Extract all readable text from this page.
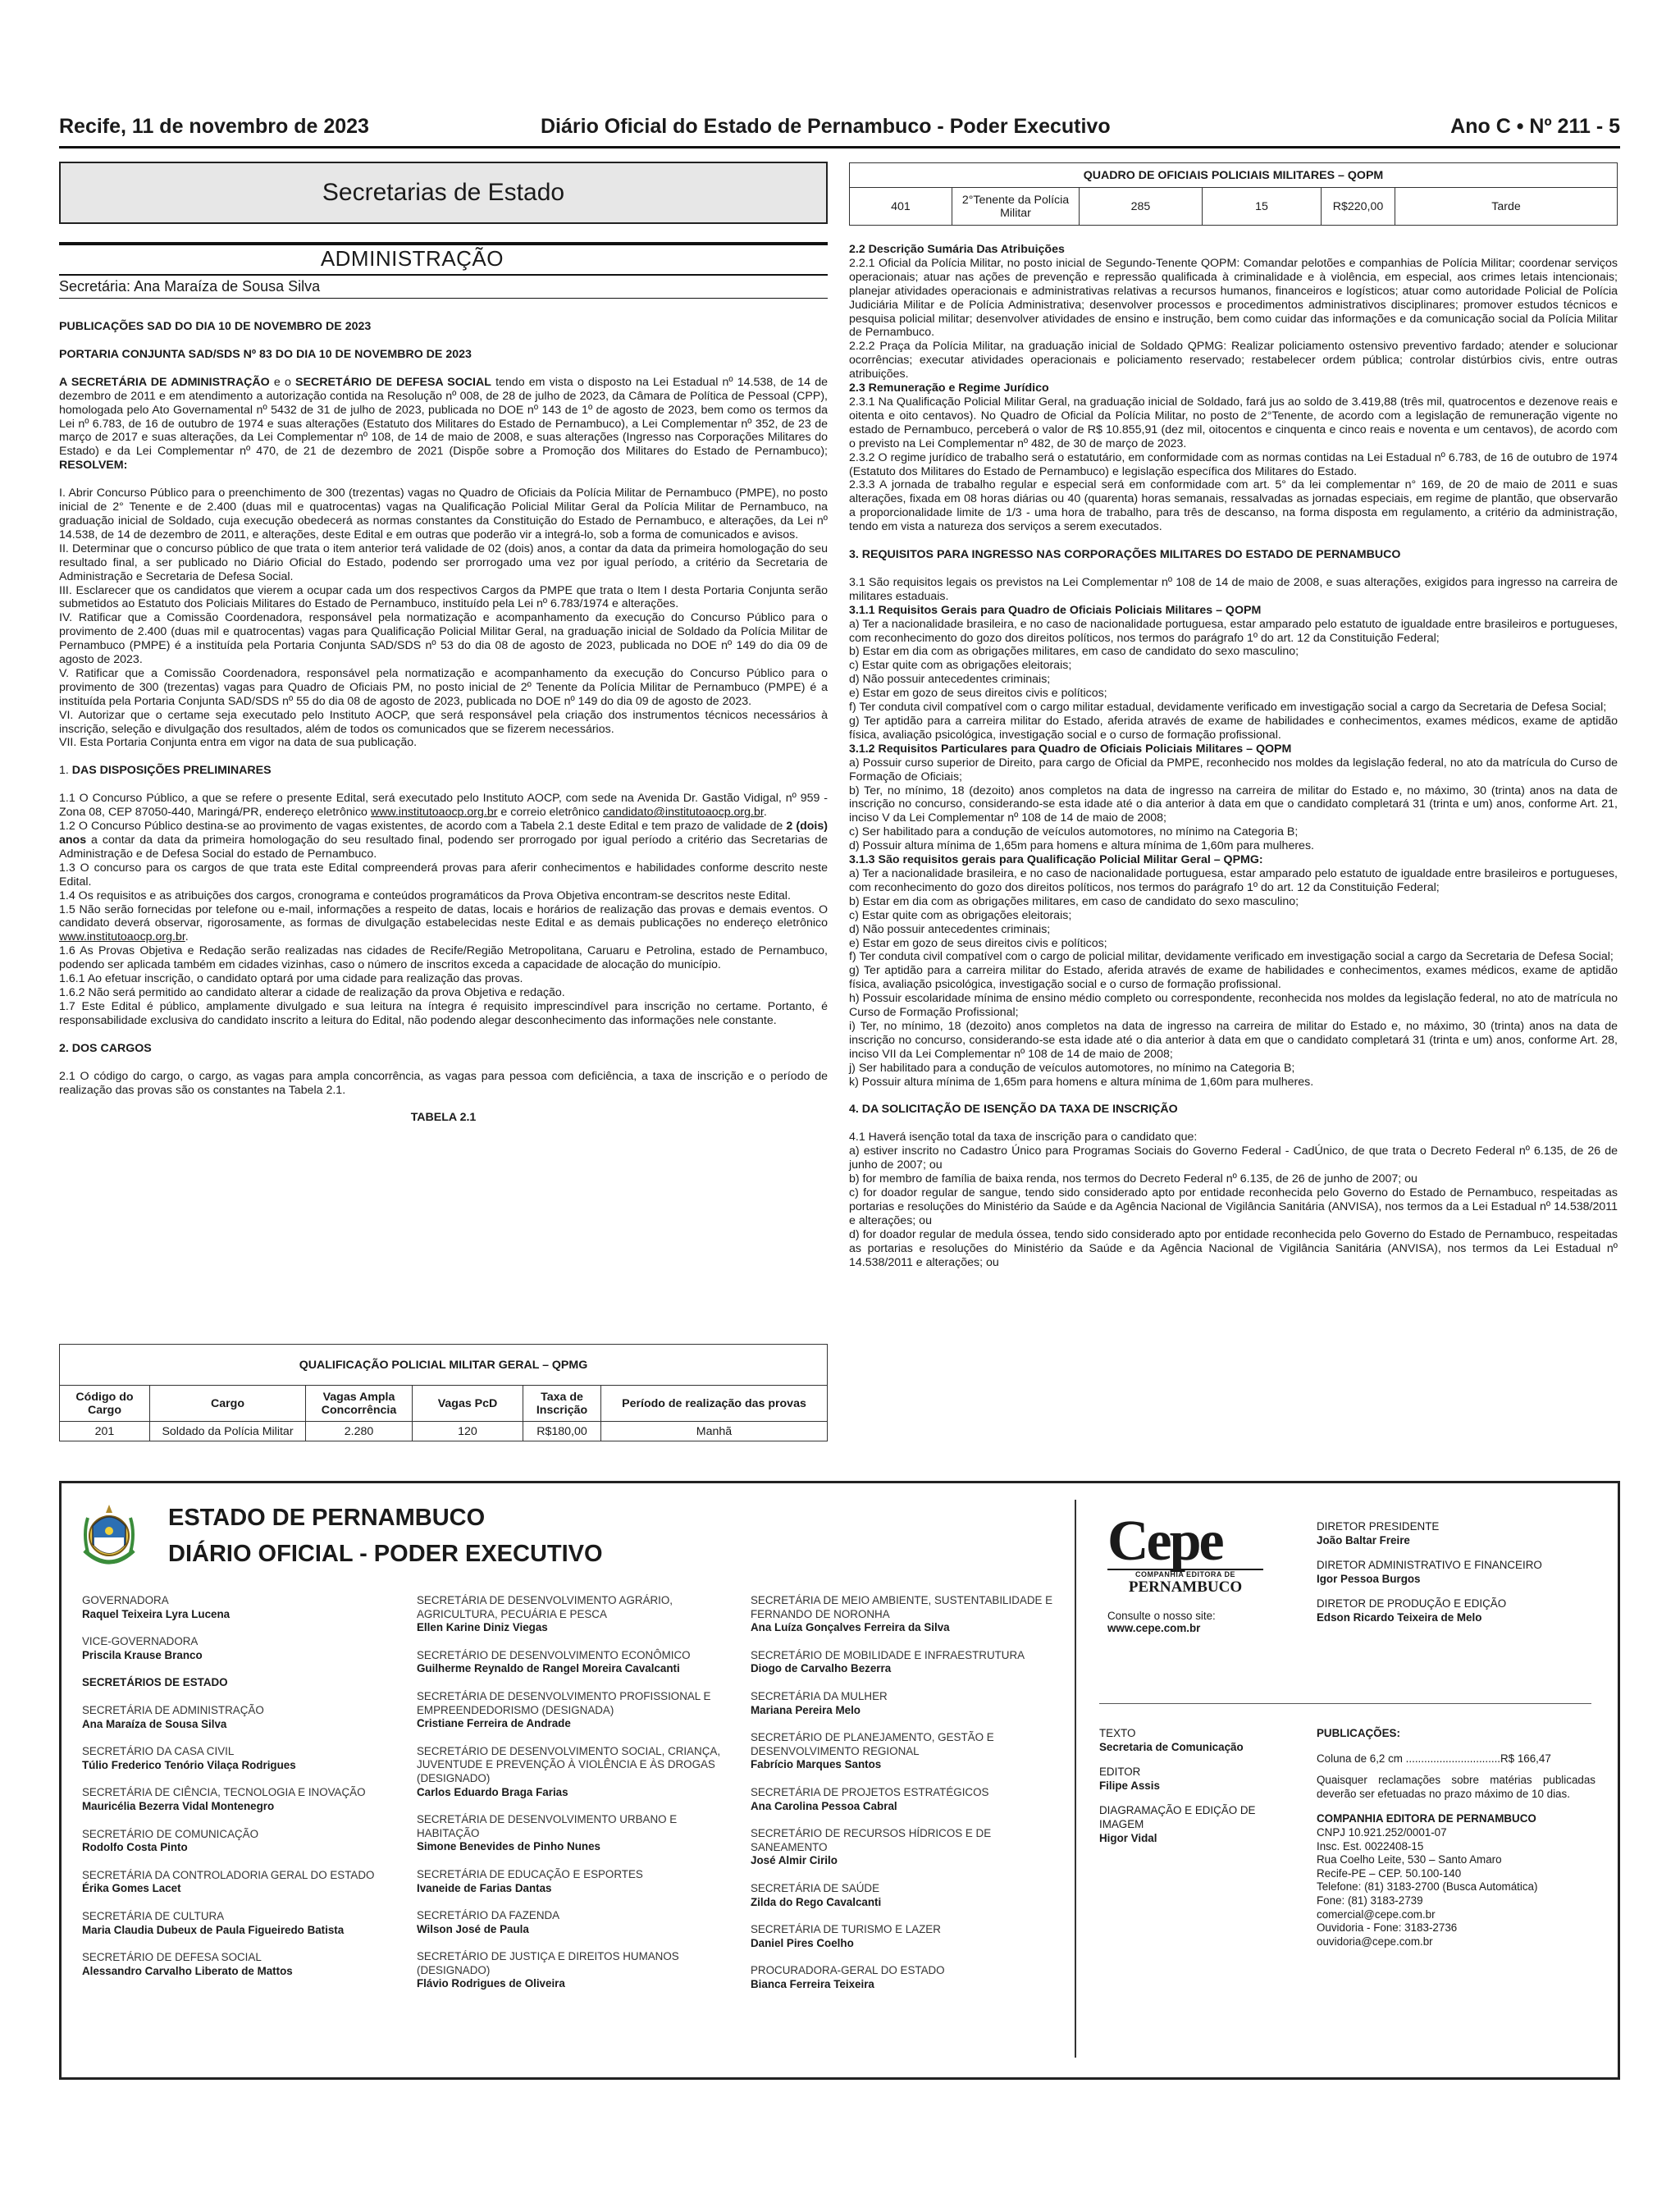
Recife, 11 de novembro de 2023	Diário Oficial do Estado de Pernambuco - Poder Executivo	Ano C • Nº 211 - 5
Secretarias de Estado
ADMINISTRAÇÃO
Secretária: Ana Maraíza de Sousa Silva

PUBLICAÇÕES SAD DO DIA 10 DE NOVEMBRO DE 2023

PORTARIA CONJUNTA SAD/SDS Nº 83 DO DIA 10 DE NOVEMBRO DE 2023

A SECRETÁRIA DE ADMINISTRAÇÃO e o SECRETÁRIO DE DEFESA SOCIAL tendo em vista o disposto na Lei Estadual nº 14.538, de 14 de dezembro de 2011 e em atendimento a autorização contida na Resolução nº 008, de 28 de julho de 2023, da Câmara de Política de Pessoal (CPP), homologada pelo Ato Governamental nº 5432 de 31 de julho de 2023, publicada no DOE nº 143 de 1º de agosto de 2023, bem como os termos da Lei nº 6.783, de 16 de outubro de 1974 e suas alterações (Estatuto dos Militares do Estado de Pernambuco), a Lei Complementar nº 352, de 23 de março de 2017 e suas alterações, da Lei Complementar nº 108, de 14 de maio de 2008, e suas alterações (Ingresso nas Corporações Militares do Estado) e da Lei Complementar nº 470, de 21 de dezembro de 2021 (Dispõe sobre a Promoção dos Militares do Estado de Pernambuco); RESOLVEM:

I. Abrir Concurso Público para o preenchimento de 300 (trezentas) vagas no Quadro de Oficiais da Polícia Militar de Pernambuco (PMPE), no posto inicial de 2° Tenente e de 2.400 (duas mil e quatrocentas) vagas na Qualificação Policial Militar Geral da Polícia Militar de Pernambuco, na graduação inicial de Soldado, cuja execução obedecerá as normas constantes da Constituição do Estado de Pernambuco, e alterações, da Lei nº 14.538, de 14 de dezembro de 2011, e alterações, deste Edital e em outras que poderão vir a integrá-lo, sob a forma de comunicados e avisos.

II. Determinar que o concurso público de que trata o item anterior terá validade de 02 (dois) anos, a contar da data da primeira homologação do seu resultado final, a ser publicado no Diário Oficial do Estado, podendo ser prorrogado uma vez por igual período, a critério da Secretaria de Administração e Secretaria de Defesa Social.

III. Esclarecer que os candidatos que vierem a ocupar cada um dos respectivos Cargos da PMPE que trata o Item I desta Portaria Conjunta serão submetidos ao Estatuto dos Policiais Militares do Estado de Pernambuco, instituído pela Lei nº 6.783/1974 e alterações.

IV. Ratificar que a Comissão Coordenadora, responsável pela normatização e acompanhamento da execução do Concurso Público para o provimento de 2.400 (duas mil e quatrocentas) vagas para Qualificação Policial Militar Geral, na graduação inicial de Soldado da Polícia Militar de Pernambuco (PMPE) é a instituída pela Portaria Conjunta SAD/SDS nº 53 do dia 08 de agosto de 2023, publicada no DOE nº 149 do dia 09 de agosto de 2023.

V. Ratificar que a Comissão Coordenadora, responsável pela normatização e acompanhamento da execução do Concurso Público para o provimento de 300 (trezentas) vagas para Quadro de Oficiais PM, no posto inicial de 2º Tenente da Polícia Militar de Pernambuco (PMPE) é a instituída pela Portaria Conjunta SAD/SDS nº 55 do dia 08 de agosto de 2023, publicada no DOE nº 149 do dia 09 de agosto de 2023.

VI. Autorizar que o certame seja executado pelo Instituto AOCP, que será responsável pela criação dos instrumentos técnicos necessários à inscrição, seleção e divulgação dos resultados, além de todos os comunicados que se fizerem necessários.

VII. Esta Portaria Conjunta entra em vigor na data de sua publicação.

1. DAS DISPOSIÇÕES PRELIMINARES

1.1 O Concurso Público, a que se refere o presente Edital, será executado pelo Instituto AOCP, com sede na Avenida Dr. Gastão Vidigal, nº 959 - Zona 08, CEP 87050-440, Maringá/PR, endereço eletrônico www.institutoaocp.org.br e correio eletrônico candidato@institutoaocp.org.br.

1.2 O Concurso Público destina-se ao provimento de vagas existentes, de acordo com a Tabela 2.1 deste Edital e tem prazo de validade de 2 (dois) anos a contar da data da primeira homologação do seu resultado final, podendo ser prorrogado por igual período a critério das Secretarias de Administração e de Defesa Social do estado de Pernambuco.

1.3 O concurso para os cargos de que trata este Edital compreenderá provas para aferir conhecimentos e habilidades conforme descrito neste Edital.

1.4 Os requisitos e as atribuições dos cargos, cronograma e conteúdos programáticos da Prova Objetiva encontram-se descritos neste Edital.

1.5 Não serão fornecidas por telefone ou e-mail, informações a respeito de datas, locais e horários de realização das provas e demais eventos. O candidato deverá observar, rigorosamente, as formas de divulgação estabelecidas neste Edital e as demais publicações no endereço eletrônico www.institutoaocp.org.br.

1.6 As Provas Objetiva e Redação serão realizadas nas cidades de Recife/Região Metropolitana, Caruaru e Petrolina, estado de Pernambuco, podendo ser aplicada também em cidades vizinhas, caso o número de inscritos exceda a capacidade de alocação do município.

1.6.1 Ao efetuar inscrição, o candidato optará por uma cidade para realização das provas.

1.6.2 Não será permitido ao candidato alterar a cidade de realização da prova Objetiva e redação.

1.7 Este Edital é público, amplamente divulgado e sua leitura na íntegra é requisito imprescindível para inscrição no certame. Portanto, é responsabilidade exclusiva do candidato inscrito a leitura do Edital, não podendo alegar desconhecimento das informações nele constante.

2. DOS CARGOS

2.1 O código do cargo, o cargo, as vagas para ampla concorrência, as vagas para pessoa com deficiência, a taxa de inscrição e o período de realização das provas são os constantes na Tabela 2.1.

TABELA 2.1

QUALIFICAÇÃO POLICIAL MILITAR GERAL – QPMG
Código do Cargo	Cargo	Vagas Ampla Concorrência	Vagas PcD	Taxa de Inscrição	Período de realização das provas
201	Soldado da Polícia Militar	2.280	120	R$180,00	Manhã
QUADRO DE OFICIAIS POLICIAIS MILITARES – QOPM
401	2°Tenente da Polícia Militar	285	15	R$220,00	Tarde

2.2 Descrição Sumária Das Atribuições

2.2.1 Oficial da Polícia Militar, no posto inicial de Segundo-Tenente QOPM: Comandar pelotões e companhias de Polícia Militar; coordenar serviços operacionais; atuar nas ações de prevenção e repressão qualificada à criminalidade e à violência, em especial, aos crimes letais intencionais; planejar atividades operacionais e administrativas relativas a recursos humanos, financeiros e logísticos; atuar como autoridade Policial de Polícia Judiciária Militar e de Polícia Administrativa; desenvolver processos e procedimentos administrativos disciplinares; promover estudos técnicos e pesquisa policial militar; desenvolver atividades de ensino e instrução, bem como cuidar das informações e da comunicação social da Polícia Militar de Pernambuco.

2.2.2 Praça da Polícia Militar, na graduação inicial de Soldado QPMG: Realizar policiamento ostensivo preventivo fardado; atender e solucionar ocorrências; executar atividades operacionais e policiamento reservado; restabelecer ordem pública; controlar distúrbios civis, entre outras atribuições.

2.3 Remuneração e Regime Jurídico

2.3.1 Na Qualificação Policial Militar Geral, na graduação inicial de Soldado, fará jus ao soldo de 3.419,88 (três mil, quatrocentos e dezenove reais e oitenta e oito centavos). No Quadro de Oficial da Polícia Militar, no posto de 2°Tenente, de acordo com a legislação de remuneração vigente no estado de Pernambuco, perceberá o valor de R$ 10.855,91 (dez mil, oitocentos e cinquenta e cinco reais e noventa e um centavos), de acordo com o previsto na Lei Complementar nº 482, de 30 de março de 2023.

2.3.2 O regime jurídico de trabalho será o estatutário, em conformidade com as normas contidas na Lei Estadual nº 6.783, de 16 de outubro de 1974 (Estatuto dos Militares do Estado de Pernambuco) e legislação específica dos Militares do Estado.

2.3.3 A jornada de trabalho regular e especial será em conformidade com art. 5° da lei complementar n° 169, de 20 de maio de 2011 e suas alterações, fixada em 08 horas diárias ou 40 (quarenta) horas semanais, ressalvadas as jornadas especiais, em regime de plantão, que observarão a proporcionalidade limite de 1/3 - uma hora de trabalho, para três de descanso, na forma disposta em regulamento, a critério da administração, tendo em vista a natureza dos serviços a serem executados.

3. REQUISITOS PARA INGRESSO NAS CORPORAÇÕES MILITARES DO ESTADO DE PERNAMBUCO

3.1 São requisitos legais os previstos na Lei Complementar nº 108 de 14 de maio de 2008, e suas alterações, exigidos para ingresso na carreira de militares estaduais.

3.1.1 Requisitos Gerais para Quadro de Oficiais Policiais Militares – QOPM

a) Ter a nacionalidade brasileira, e no caso de nacionalidade portuguesa, estar amparado pelo estatuto de igualdade entre brasileiros e portugueses, com reconhecimento do gozo dos direitos políticos, nos termos do parágrafo 1º do art. 12 da Constituição Federal;

b) Estar em dia com as obrigações militares, em caso de candidato do sexo masculino;

c) Estar quite com as obrigações eleitorais;

d) Não possuir antecedentes criminais;

e) Estar em gozo de seus direitos civis e políticos;

f) Ter conduta civil compatível com o cargo militar estadual, devidamente verificado em investigação social a cargo da Secretaria de Defesa Social;

g) Ter aptidão para a carreira militar do Estado, aferida através de exame de habilidades e conhecimentos, exames médicos, exame de aptidão física, avaliação psicológica, investigação social e o curso de formação profissional.

3.1.2 Requisitos Particulares para Quadro de Oficiais Policiais Militares – QOPM

a) Possuir curso superior de Direito, para cargo de Oficial da PMPE, reconhecido nos moldes da legislação federal, no ato da matrícula do Curso de Formação de Oficiais;

b) Ter, no mínimo, 18 (dezoito) anos completos na data de ingresso na carreira de militar do Estado e, no máximo, 30 (trinta) anos na data de inscrição no concurso, considerando-se esta idade até o dia anterior à data em que o candidato completará 31 (trinta e um) anos, conforme Art. 21, inciso V da Lei Complementar nº 108 de 14 de maio de 2008;

c) Ser habilitado para a condução de veículos automotores, no mínimo na Categoria B;

d) Possuir altura mínima de 1,65m para homens e altura mínima de 1,60m para mulheres.

3.1.3 São requisitos gerais para Qualificação Policial Militar Geral – QPMG:

a) Ter a nacionalidade brasileira, e no caso de nacionalidade portuguesa, estar amparado pelo estatuto de igualdade entre brasileiros e portugueses, com reconhecimento do gozo dos direitos políticos, nos termos do parágrafo 1º do art. 12 da Constituição Federal;

b) Estar em dia com as obrigações militares, em caso de candidato do sexo masculino;

c) Estar quite com as obrigações eleitorais;

d) Não possuir antecedentes criminais;

e) Estar em gozo de seus direitos civis e políticos;

f) Ter conduta civil compatível com o cargo de policial militar, devidamente verificado em investigação social a cargo da Secretaria de Defesa Social;

g) Ter aptidão para a carreira militar do Estado, aferida através de exame de habilidades e conhecimentos, exames médicos, exame de aptidão física, avaliação psicológica, investigação social e o curso de formação profissional.

h) Possuir escolaridade mínima de ensino médio completo ou correspondente, reconhecida nos moldes da legislação federal, no ato de matrícula no Curso de Formação Profissional;

i) Ter, no mínimo, 18 (dezoito) anos completos na data de ingresso na carreira de militar do Estado e, no máximo, 30 (trinta) anos na data de inscrição no concurso, considerando-se esta idade até o dia anterior à data em que o candidato completará 31 (trinta e um) anos, conforme Art. 28, inciso VII da Lei Complementar nº 108 de 14 de maio de 2008;

j) Ser habilitado para a condução de veículos automotores, no mínimo na Categoria B;

k) Possuir altura mínima de 1,65m para homens e altura mínima de 1,60m para mulheres.

4. DA SOLICITAÇÃO DE ISENÇÃO DA TAXA DE INSCRIÇÃO

4.1 Haverá isenção total da taxa de inscrição para o candidato que:

a) estiver inscrito no Cadastro Único para Programas Sociais do Governo Federal - CadÚnico, de que trata o Decreto Federal nº 6.135, de 26 de junho de 2007; ou

b) for membro de família de baixa renda, nos termos do Decreto Federal nº 6.135, de 26 de junho de 2007; ou

c) for doador regular de sangue, tendo sido considerado apto por entidade reconhecida pelo Governo do Estado de Pernambuco, respeitadas as portarias e resoluções do Ministério da Saúde e da Agência Nacional de Vigilância Sanitária (ANVISA), nos termos da a Lei Estadual nº 14.538/2011 e alterações; ou

d) for doador regular de medula óssea, tendo sido considerado apto por entidade reconhecida pelo Governo do Estado de Pernambuco, respeitadas as portarias e resoluções do Ministério da Saúde e da Agência Nacional de Vigilância Sanitária (ANVISA), nos termos da Lei Estadual nº 14.538/2011 e alterações; ou

ESTADO DE PERNAMBUCO
DIÁRIO OFICIAL - PODER EXECUTIVO
GOVERNADORA
Raquel Teixeira Lyra Lucena
VICE-GOVERNADORA
Priscila Krause Branco
SECRETÁRIOS DE ESTADO
SECRETÁRIA DE ADMINISTRAÇÃO
Ana Maraíza de Sousa Silva
SECRETÁRIO DA CASA CIVIL
Túlio Frederico Tenório Vilaça Rodrigues
SECRETÁRIA DE CIÊNCIA, TECNOLOGIA E INOVAÇÃO
Mauricélia Bezerra Vidal Montenegro
SECRETÁRIO DE COMUNICAÇÃO
Rodolfo Costa Pinto
SECRETÁRIA DA CONTROLADORIA GERAL DO ESTADO
Érika Gomes Lacet
SECRETÁRIA DE CULTURA
Maria Claudia Dubeux de Paula Figueiredo Batista
SECRETÁRIO DE DEFESA SOCIAL
Alessandro Carvalho Liberato de Mattos
SECRETÁRIA DE DESENVOLVIMENTO AGRÁRIO, AGRICULTURA, PECUÁRIA E PESCA
Ellen Karine Diniz Viegas
SECRETÁRIO DE DESENVOLVIMENTO ECONÔMICO
Guilherme Reynaldo de Rangel Moreira Cavalcanti
SECRETÁRIA DE DESENVOLVIMENTO PROFISSIONAL E EMPREENDEDORISMO (DESIGNADA)
Cristiane Ferreira de Andrade
SECRETÁRIO DE DESENVOLVIMENTO SOCIAL, CRIANÇA, JUVENTUDE E PREVENÇÃO À VIOLÊNCIA E ÀS DROGAS (DESIGNADO)
Carlos Eduardo Braga Farias
SECRETÁRIA DE DESENVOLVIMENTO URBANO E HABITAÇÃO
Simone Benevides de Pinho Nunes
SECRETÁRIA DE EDUCAÇÃO E ESPORTES
Ivaneide de Farias Dantas
SECRETÁRIO DA FAZENDA
Wilson José de Paula
SECRETÁRIO DE JUSTIÇA E DIREITOS HUMANOS (DESIGNADO)
Flávio Rodrigues de Oliveira
SECRETÁRIA DE MEIO AMBIENTE, SUSTENTABILIDADE E FERNANDO DE NORONHA
Ana Luíza Gonçalves Ferreira da Silva
SECRETÁRIO DE MOBILIDADE E INFRAESTRUTURA
Diogo de Carvalho Bezerra
SECRETÁRIA DA MULHER
Mariana Pereira Melo
SECRETÁRIO DE PLANEJAMENTO, GESTÃO E DESENVOLVIMENTO REGIONAL
Fabrício Marques Santos
SECRETÁRIA DE PROJETOS ESTRATÉGICOS
Ana Carolina Pessoa Cabral
SECRETÁRIO DE RECURSOS HÍDRICOS E DE SANEAMENTO
José Almir Cirilo
SECRETÁRIA DE SAÚDE
Zilda do Rego Cavalcanti
SECRETÁRIA DE TURISMO E LAZER
Daniel Pires Coelho
PROCURADORA-GERAL DO ESTADO
Bianca Ferreira Teixeira
Cepe
COMPANHIA EDITORA DE
PERNAMBUCO
Consulte o nosso site:
www.cepe.com.br
DIRETOR PRESIDENTE
João Baltar Freire
DIRETOR ADMINISTRATIVO E FINANCEIRO
Igor Pessoa Burgos
DIRETOR DE PRODUÇÃO E EDIÇÃO
Edson Ricardo Teixeira de Melo
TEXTO
Secretaria de Comunicação
EDITOR
Filipe Assis
DIAGRAMAÇÃO E EDIÇÃO DE IMAGEM
Higor Vidal
PUBLICAÇÕES:
Coluna de 6,2 cm ...............................R$ 166,47
Quaisquer reclamações sobre matérias publicadas deverão ser efetuadas no prazo máximo de 10 dias.
COMPANHIA EDITORA DE PERNAMBUCO
CNPJ 10.921.252/0001-07
Insc. Est. 0022408-15
Rua Coelho Leite, 530 – Santo Amaro
Recife-PE – CEP. 50.100-140
Telefone: (81) 3183-2700 (Busca Automática)
Fone: (81) 3183-2739
comercial@cepe.com.br
Ouvidoria - Fone: 3183-2736
ouvidoria@cepe.com.br
